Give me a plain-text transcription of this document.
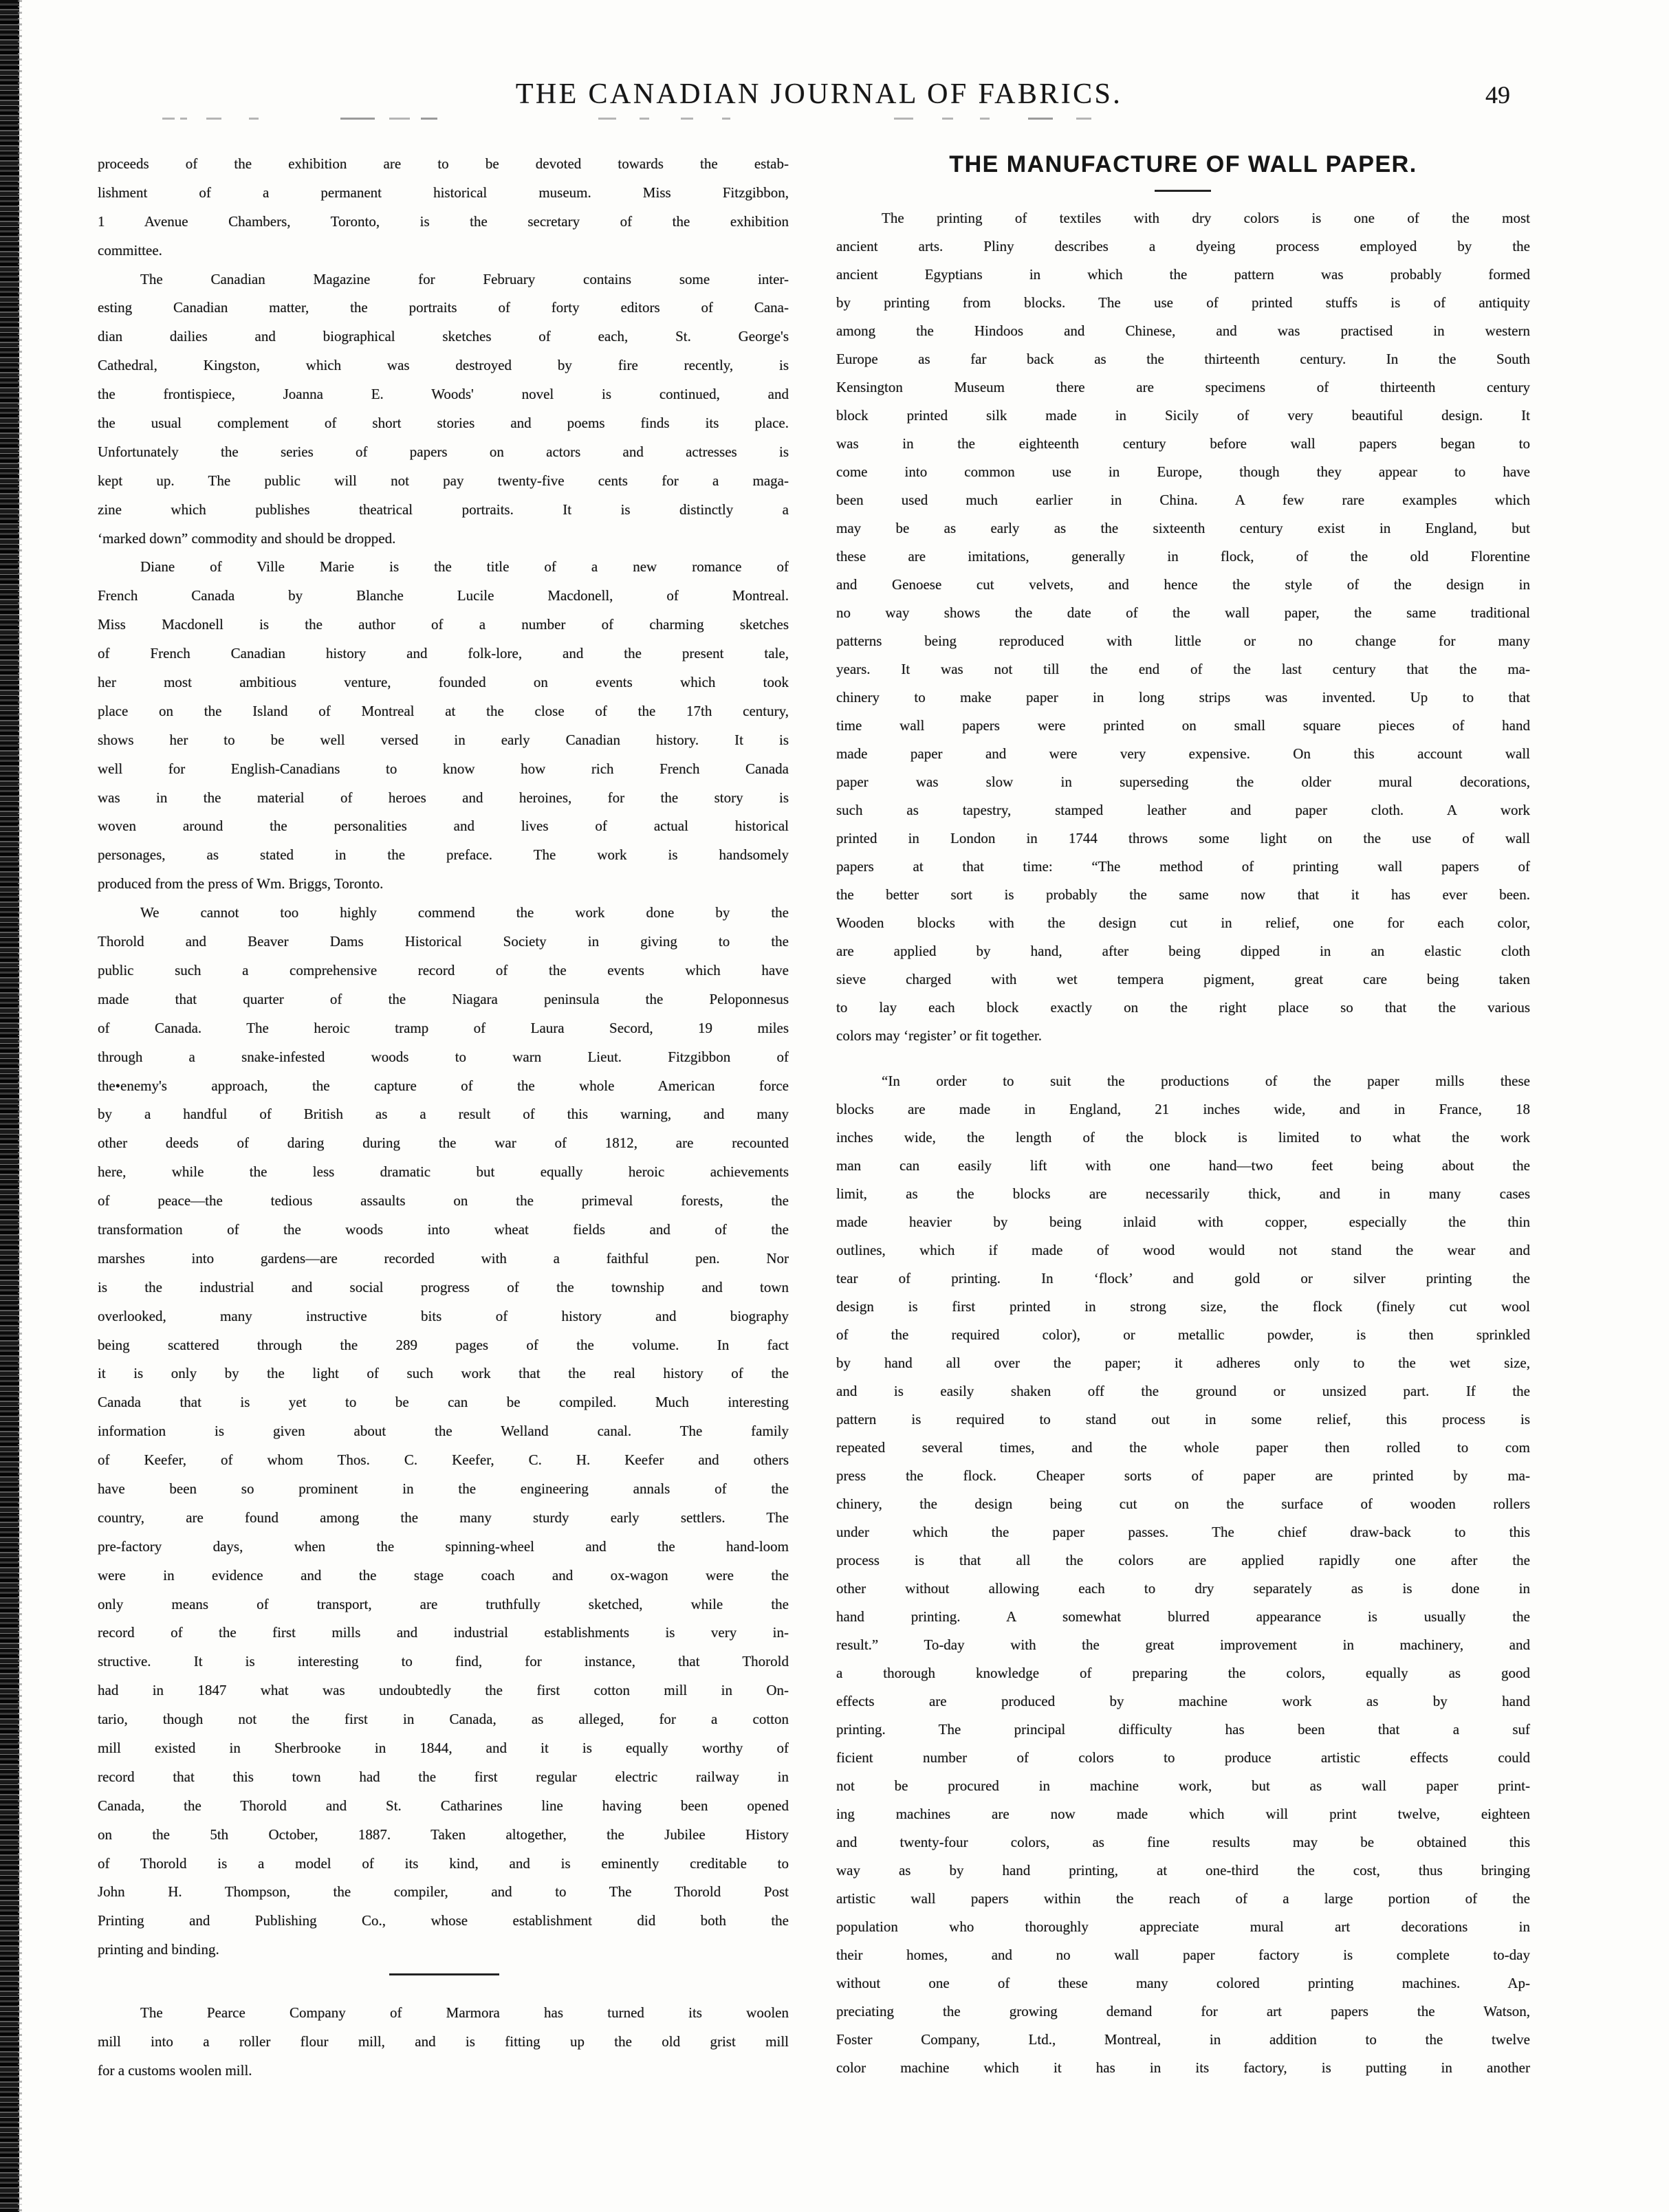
THE CANADIAN JOURNAL OF FABRICS.	49
proceeds of the exhibition are to be devoted towards the estab-
lishment of a permanent historical museum. Miss Fitzgibbon,
1 Avenue Chambers, Toronto, is the secretary of the exhibition
committee.
The Canadian Magazine for February contains some inter-
esting Canadian matter, the portraits of forty editors of Cana-
dian dailies and biographical sketches of each, St. George's
Cathedral, Kingston, which was destroyed by fire recently, is
the frontispiece, Joanna E. Woods' novel is continued, and
the usual complement of short stories and poems finds its place.
Unfortunately the series of papers on actors and actresses is
kept up. The public will not pay twenty-five cents for a maga-
zine which publishes theatrical portraits. It is distinctly a
‘marked down” commodity and should be dropped.
Diane of Ville Marie is the title of a new romance of
French Canada by Blanche Lucile Macdonell, of Montreal.
Miss Macdonell is the author of a number of charming sketches
of French Canadian history and folk-lore, and the present tale,
her most ambitious venture, founded on events which took
place on the Island of Montreal at the close of the 17th century,
shows her to be well versed in early Canadian history. It is
well for English-Canadians to know how rich French Canada
was in the material of heroes and heroines, for the story is
woven around the personalities and lives of actual historical
personages, as stated in the preface. The work is handsomely
produced from the press of Wm. Briggs, Toronto.
We cannot too highly commend the work done by the
Thorold and Beaver Dams Historical Society in giving to the
public such a comprehensive record of the events which have
made that quarter of the Niagara peninsula the Peloponnesus
of Canada. The heroic tramp of Laura Secord, 19 miles
through a snake-infested woods to warn Lieut. Fitzgibbon of
the•enemy's approach, the capture of the whole American force
by a handful of British as a result of this warning, and many
other deeds of daring during the war of 1812, are recounted
here, while the less dramatic but equally heroic achievements
of peace—the tedious assaults on the primeval forests, the
transformation of the woods into wheat fields and of the
marshes into gardens—are recorded with a faithful pen. Nor
is the industrial and social progress of the township and town
overlooked, many instructive bits of history and biography
being scattered through the 289 pages of the volume. In fact
it is only by the light of such work that the real history of the
Canada that is yet to be can be compiled. Much interesting
information is given about the Welland canal. The family
of Keefer, of whom Thos. C. Keefer, C. H. Keefer and others
have been so prominent in the engineering annals of the
country, are found among the many sturdy early settlers. The
pre-factory days, when the spinning-wheel and the hand-loom
were in evidence and the stage coach and ox-wagon were the
only means of transport, are truthfully sketched, while the
record of the first mills and industrial establishments is very in-
structive. It is interesting to find, for instance, that Thorold
had in 1847 what was undoubtedly the first cotton mill in On-
tario, though not the first in Canada, as alleged, for a cotton
mill existed in Sherbrooke in 1844, and it is equally worthy of
record that this town had the first regular electric railway in
Canada, the Thorold and St. Catharines line having been opened
on the 5th October, 1887. Taken altogether, the Jubilee History
of Thorold is a model of its kind, and is eminently creditable to
John H. Thompson, the compiler, and to The Thorold Post
Printing and Publishing Co., whose establishment did both the
printing and binding.
The Pearce Company of Marmora has turned its woolen
mill into a roller flour mill, and is fitting up the old grist mill
for a customs woolen mill.
THE MANUFACTURE OF WALL PAPER.
The printing of textiles with dry colors is one of the most
ancient arts. Pliny describes a dyeing process employed by the
ancient Egyptians in which the pattern was probably formed
by printing from blocks. The use of printed stuffs is of antiquity
among the Hindoos and Chinese, and was practised in western
Europe as far back as the thirteenth century. In the South
Kensington Museum there are specimens of thirteenth century
block printed silk made in Sicily of very beautiful design. It
was in the eighteenth century before wall papers began to
come into common use in Europe, though they appear to have
been used much earlier in China. A few rare examples which
may be as early as the sixteenth century exist in England, but
these are imitations, generally in flock, of the old Florentine
and Genoese cut velvets, and hence the style of the design in
no way shows the date of the wall paper, the same traditional
patterns being reproduced with little or no change for many
years. It was not till the end of the last century that the ma-
chinery to make paper in long strips was invented. Up to that
time wall papers were printed on small square pieces of hand
made paper and were very expensive. On this account wall
paper was slow in superseding the older mural decorations,
such as tapestry, stamped leather and paper cloth. A work
printed in London in 1744 throws some light on the use of wall
papers at that time: “The method of printing wall papers of
the better sort is probably the same now that it has ever been.
Wooden blocks with the design cut in relief, one for each color,
are applied by hand, after being dipped in an elastic cloth
sieve charged with wet tempera pigment, great care being taken
to lay each block exactly on the right place so that the various
colors may ‘register’ or fit together.
“In order to suit the productions of the paper mills these
blocks are made in England, 21 inches wide, and in France, 18
inches wide, the length of the block is limited to what the work
man can easily lift with one hand—two feet being about the
limit, as the blocks are necessarily thick, and in many cases
made heavier by being inlaid with copper, especially the thin
outlines, which if made of wood would not stand the wear and
tear of printing. In ‘flock’ and gold or silver printing the
design is first printed in strong size, the flock (finely cut wool
of the required color), or metallic powder, is then sprinkled
by hand all over the paper; it adheres only to the wet size,
and is easily shaken off the ground or unsized part. If the
pattern is required to stand out in some relief, this process is
repeated several times, and the whole paper then rolled to com
press the flock. Cheaper sorts of paper are printed by ma-
chinery, the design being cut on the surface of wooden rollers
under which the paper passes. The chief draw-back to this
process is that all the colors are applied rapidly one after the
other without allowing each to dry separately as is done in
hand printing. A somewhat blurred appearance is usually the
result.” To-day with the great improvement in machinery, and
a thorough knowledge of preparing the colors, equally as good
effects are produced by machine work as by hand
printing. The principal difficulty has been that a suf
ficient number of colors to produce artistic effects could
not be procured in machine work, but as wall paper print-
ing machines are now made which will print twelve, eighteen
and twenty-four colors, as fine results may be obtained this
way as by hand printing, at one-third the cost, thus bringing
artistic wall papers within the reach of a large portion of the
population who thoroughly appreciate mural art decorations in
their homes, and no wall paper factory is complete to-day
without one of these many colored printing machines. Ap-
preciating the growing demand for art papers the Watson,
Foster Company, Ltd., Montreal, in addition to the twelve
color machine which it has in its factory, is putting in another
